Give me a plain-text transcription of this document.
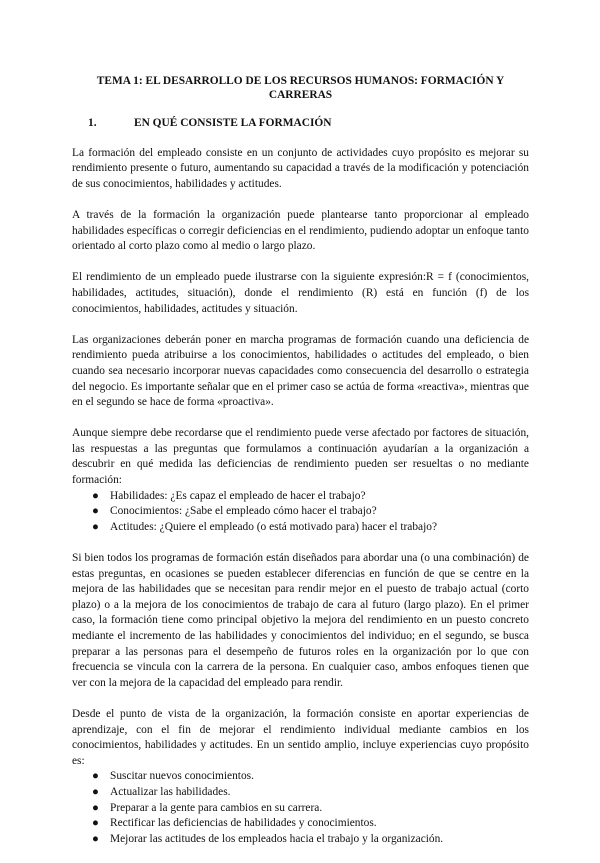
TEMA 1: EL DESARROLLO DE LOS RECURSOS HUMANOS: FORMACIÓN Y CARRERAS
1.	EN QUÉ CONSISTE LA FORMACIÓN

La formación del empleado consiste en un conjunto de actividades cuyo propósito es mejorar su rendimiento presente o futuro, aumentando su capacidad a través de la modificación y potenciación de sus conocimientos, habilidades y actitudes.

A través de la formación la organización puede plantearse tanto proporcionar al empleado habilidades específicas o corregir deficiencias en el rendimiento, pudiendo adoptar un enfoque tanto orientado al corto plazo como al medio o largo plazo.

El rendimiento de un empleado puede ilustrarse con la siguiente expresión:R = f (conocimientos, habilidades, actitudes, situación), donde el rendimiento (R) está en función (f) de los conocimientos, habilidades, actitudes y situación.

Las organizaciones deberán poner en marcha programas de formación cuando una deficiencia de rendimiento pueda atribuirse a los conocimientos, habilidades o actitudes del empleado, o bien cuando sea necesario incorporar nuevas capacidades como consecuencia del desarrollo o estrategia del negocio. Es importante señalar que en el primer caso se actúa de forma «reactiva», mientras que en el segundo se hace de forma «proactiva».

Aunque siempre debe recordarse que el rendimiento puede verse afectado por factores de situación, las respuestas a las preguntas que formulamos a continuación ayudarían a la organización a descubrir en qué medida las deficiencias de rendimiento pueden ser resueltas o no mediante formación:

● Habilidades: ¿Es capaz el empleado de hacer el trabajo?
● Conocimientos: ¿Sabe el empleado cómo hacer el trabajo?
● Actitudes: ¿Quiere el empleado (o está motivado para) hacer el trabajo?

Si bien todos los programas de formación están diseñados para abordar una (o una combinación) de estas preguntas, en ocasiones se pueden establecer diferencias en función de que se centre en la mejora de las habilidades que se necesitan para rendir mejor en el puesto de trabajo actual (corto plazo) o a la mejora de los conocimientos de trabajo de cara al futuro (largo plazo). En el primer caso, la formación tiene como principal objetivo la mejora del rendimiento en un puesto concreto mediante el incremento de las habilidades y conocimientos del individuo; en el segundo, se busca preparar a las personas para el desempeño de futuros roles en la organización por lo que con frecuencia se vincula con la carrera de la persona. En cualquier caso, ambos enfoques tienen que ver con la mejora de la capacidad del empleado para rendir.

Desde el punto de vista de la organización, la formación consiste en aportar experiencias de aprendizaje, con el fin de mejorar el rendimiento individual mediante cambios en los conocimientos, habilidades y actitudes. En un sentido amplio, incluye experiencias cuyo propósito es:

● Suscitar nuevos conocimientos.
● Actualizar las habilidades.
● Preparar a la gente para cambios en su carrera.
● Rectificar las deficiencias de habilidades y conocimientos.
● Mejorar las actitudes de los empleados hacia el trabajo y la organización.
